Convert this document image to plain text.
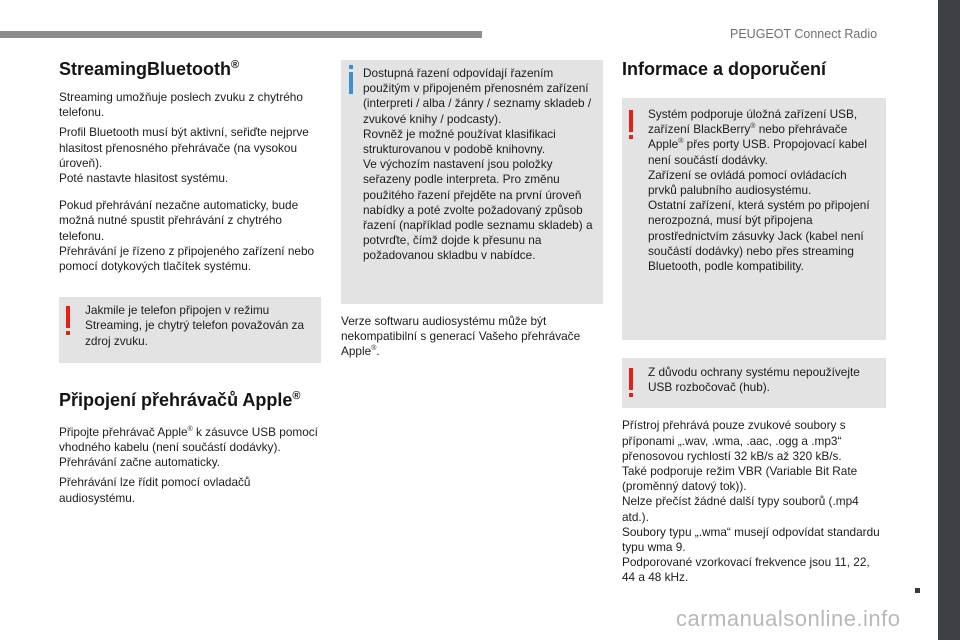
PEUGEOT Connect Radio
StreamingBluetooth®

Streaming umožňuje poslech zvuku z chytrého telefonu.

Profil Bluetooth musí být aktivní, seřiďte nejprve hlasitost přenosného přehrávače (na vysokou úroveň).
Poté nastavte hlasitost systému.

Pokud přehrávání nezačne automaticky, bude možná nutné spustit přehrávání z chytrého telefonu.
Přehrávání je řízeno z připojeného zařízení nebo pomocí dotykových tlačítek systému.

Jakmile je telefon připojen v režimu Streaming, je chytrý telefon považován za zdroj zvuku.
Připojení přehrávačů Apple®

Připojte přehrávač Apple® k zásuvce USB pomocí vhodného kabelu (není součástí dodávky).
Přehrávání začne automaticky.

Přehrávání lze řídit pomocí ovladačů audiosystému.

Dostupná řazení odpovídají řazením použitým v připojeném přenosném zařízení (interpreti / alba / žánry / seznamy skladeb / zvukové knihy / podcasty).
Rovněž je možné používat klasifikaci strukturovanou v podobě knihovny.
Ve výchozím nastavení jsou položky seřazeny podle interpreta. Pro změnu použitého řazení přejděte na první úroveň nabídky a poté zvolte požadovaný způsob řazení (například podle seznamu skladeb) a potvrďte, čímž dojde k přesunu na požadovanou skladbu v nabídce.

Verze softwaru audiosystému může být nekompatibilní s generací Vašeho přehrávače Apple®.

Informace a doporučení
Systém podporuje úložná zařízení USB, zařízení BlackBerry® nebo přehrávače Apple® přes porty USB. Propojovací kabel není součástí dodávky.
Zařízení se ovládá pomocí ovládacích prvků palubního audiosystému.
Ostatní zařízení, která systém po připojení nerozpozná, musí být připojena prostřednictvím zásuvky Jack (kabel není součástí dodávky) nebo přes streaming Bluetooth, podle kompatibility.
Z důvodu ochrany systému nepoužívejte USB rozbočovač (hub).

Přístroj přehrává pouze zvukové soubory s příponami „.wav, .wma, .aac, .ogg a .mp3“ přenosovou rychlostí 32 kB/s až 320 kB/s.
Také podporuje režim VBR (Variable Bit Rate (proměnný datový tok)).
Nelze přečíst žádné další typy souborů (.mp4 atd.).
Soubory typu „.wma“ musejí odpovídat standardu typu wma 9.
Podporované vzorkovací frekvence jsou 11, 22, 44 a 48 kHz.

carmanualsonline.info
